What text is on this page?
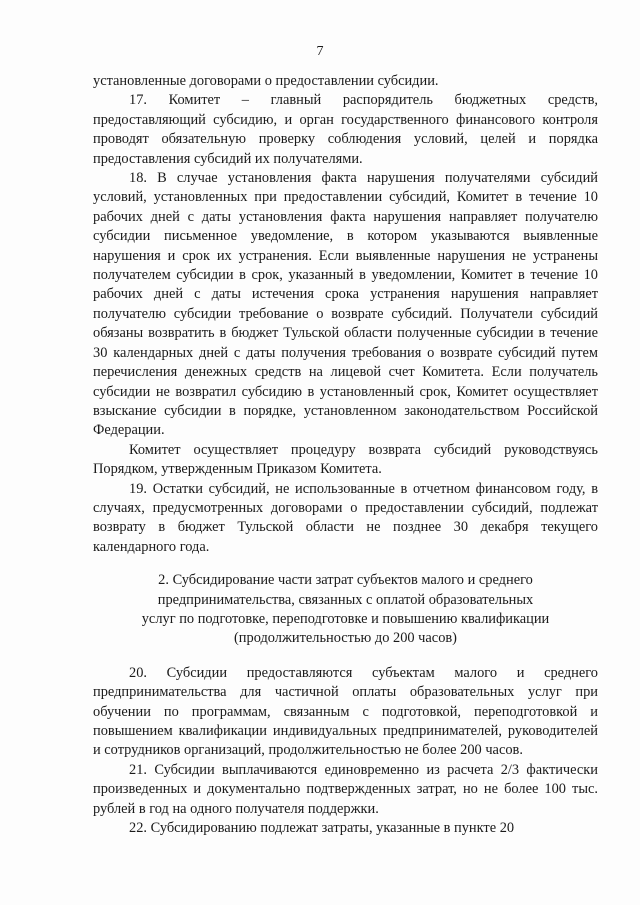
7

установленные договорами о предоставлении субсидии.

17. Комитет – главный распорядитель бюджетных средств, предоставляющий субсидию, и орган государственного финансового контроля проводят обязательную проверку соблюдения условий, целей и порядка предоставления субсидий их получателями.

18. В случае установления факта нарушения получателями субсидий условий, установленных при предоставлении субсидий, Комитет в течение 10 рабочих дней с даты установления факта нарушения направляет получателю субсидии письменное уведомление, в котором указываются выявленные нарушения и срок их устранения. Если выявленные нарушения не устранены получателем субсидии в срок, указанный в уведомлении, Комитет в течение 10 рабочих дней с даты истечения срока устранения нарушения направляет получателю субсидии требование о возврате субсидий. Получатели субсидий обязаны возвратить в бюджет Тульской области полученные субсидии в течение 30 календарных дней с даты получения требования о возврате субсидий путем перечисления денежных средств на лицевой счет Комитета. Если получатель субсидии не возвратил субсидию в установленный срок, Комитет осуществляет взыскание субсидии в порядке, установленном законодательством Российской Федерации.

Комитет осуществляет процедуру возврата субсидий руководствуясь Порядком, утвержденным Приказом Комитета.

19. Остатки субсидий, не использованные в отчетном финансовом году, в случаях, предусмотренных договорами о предоставлении субсидий, подлежат возврату в бюджет Тульской области не позднее 30 декабря текущего календарного года.

2. Субсидирование части затрат субъектов малого и среднего
предпринимательства, связанных с оплатой образовательных
услуг по подготовке, переподготовке и повышению квалификации
(продолжительностью до 200 часов)

20. Субсидии предоставляются субъектам малого и среднего предпринимательства для частичной оплаты образовательных услуг при обучении по программам, связанным с подготовкой, переподготовкой и повышением квалификации индивидуальных предпринимателей, руководителей и сотрудников организаций, продолжительностью не более 200 часов.

21. Субсидии выплачиваются единовременно из расчета 2/3 фактически произведенных и документально подтвержденных затрат, но не более 100 тыс. рублей в год на одного получателя поддержки.

22. Субсидированию подлежат затраты, указанные в пункте 20
